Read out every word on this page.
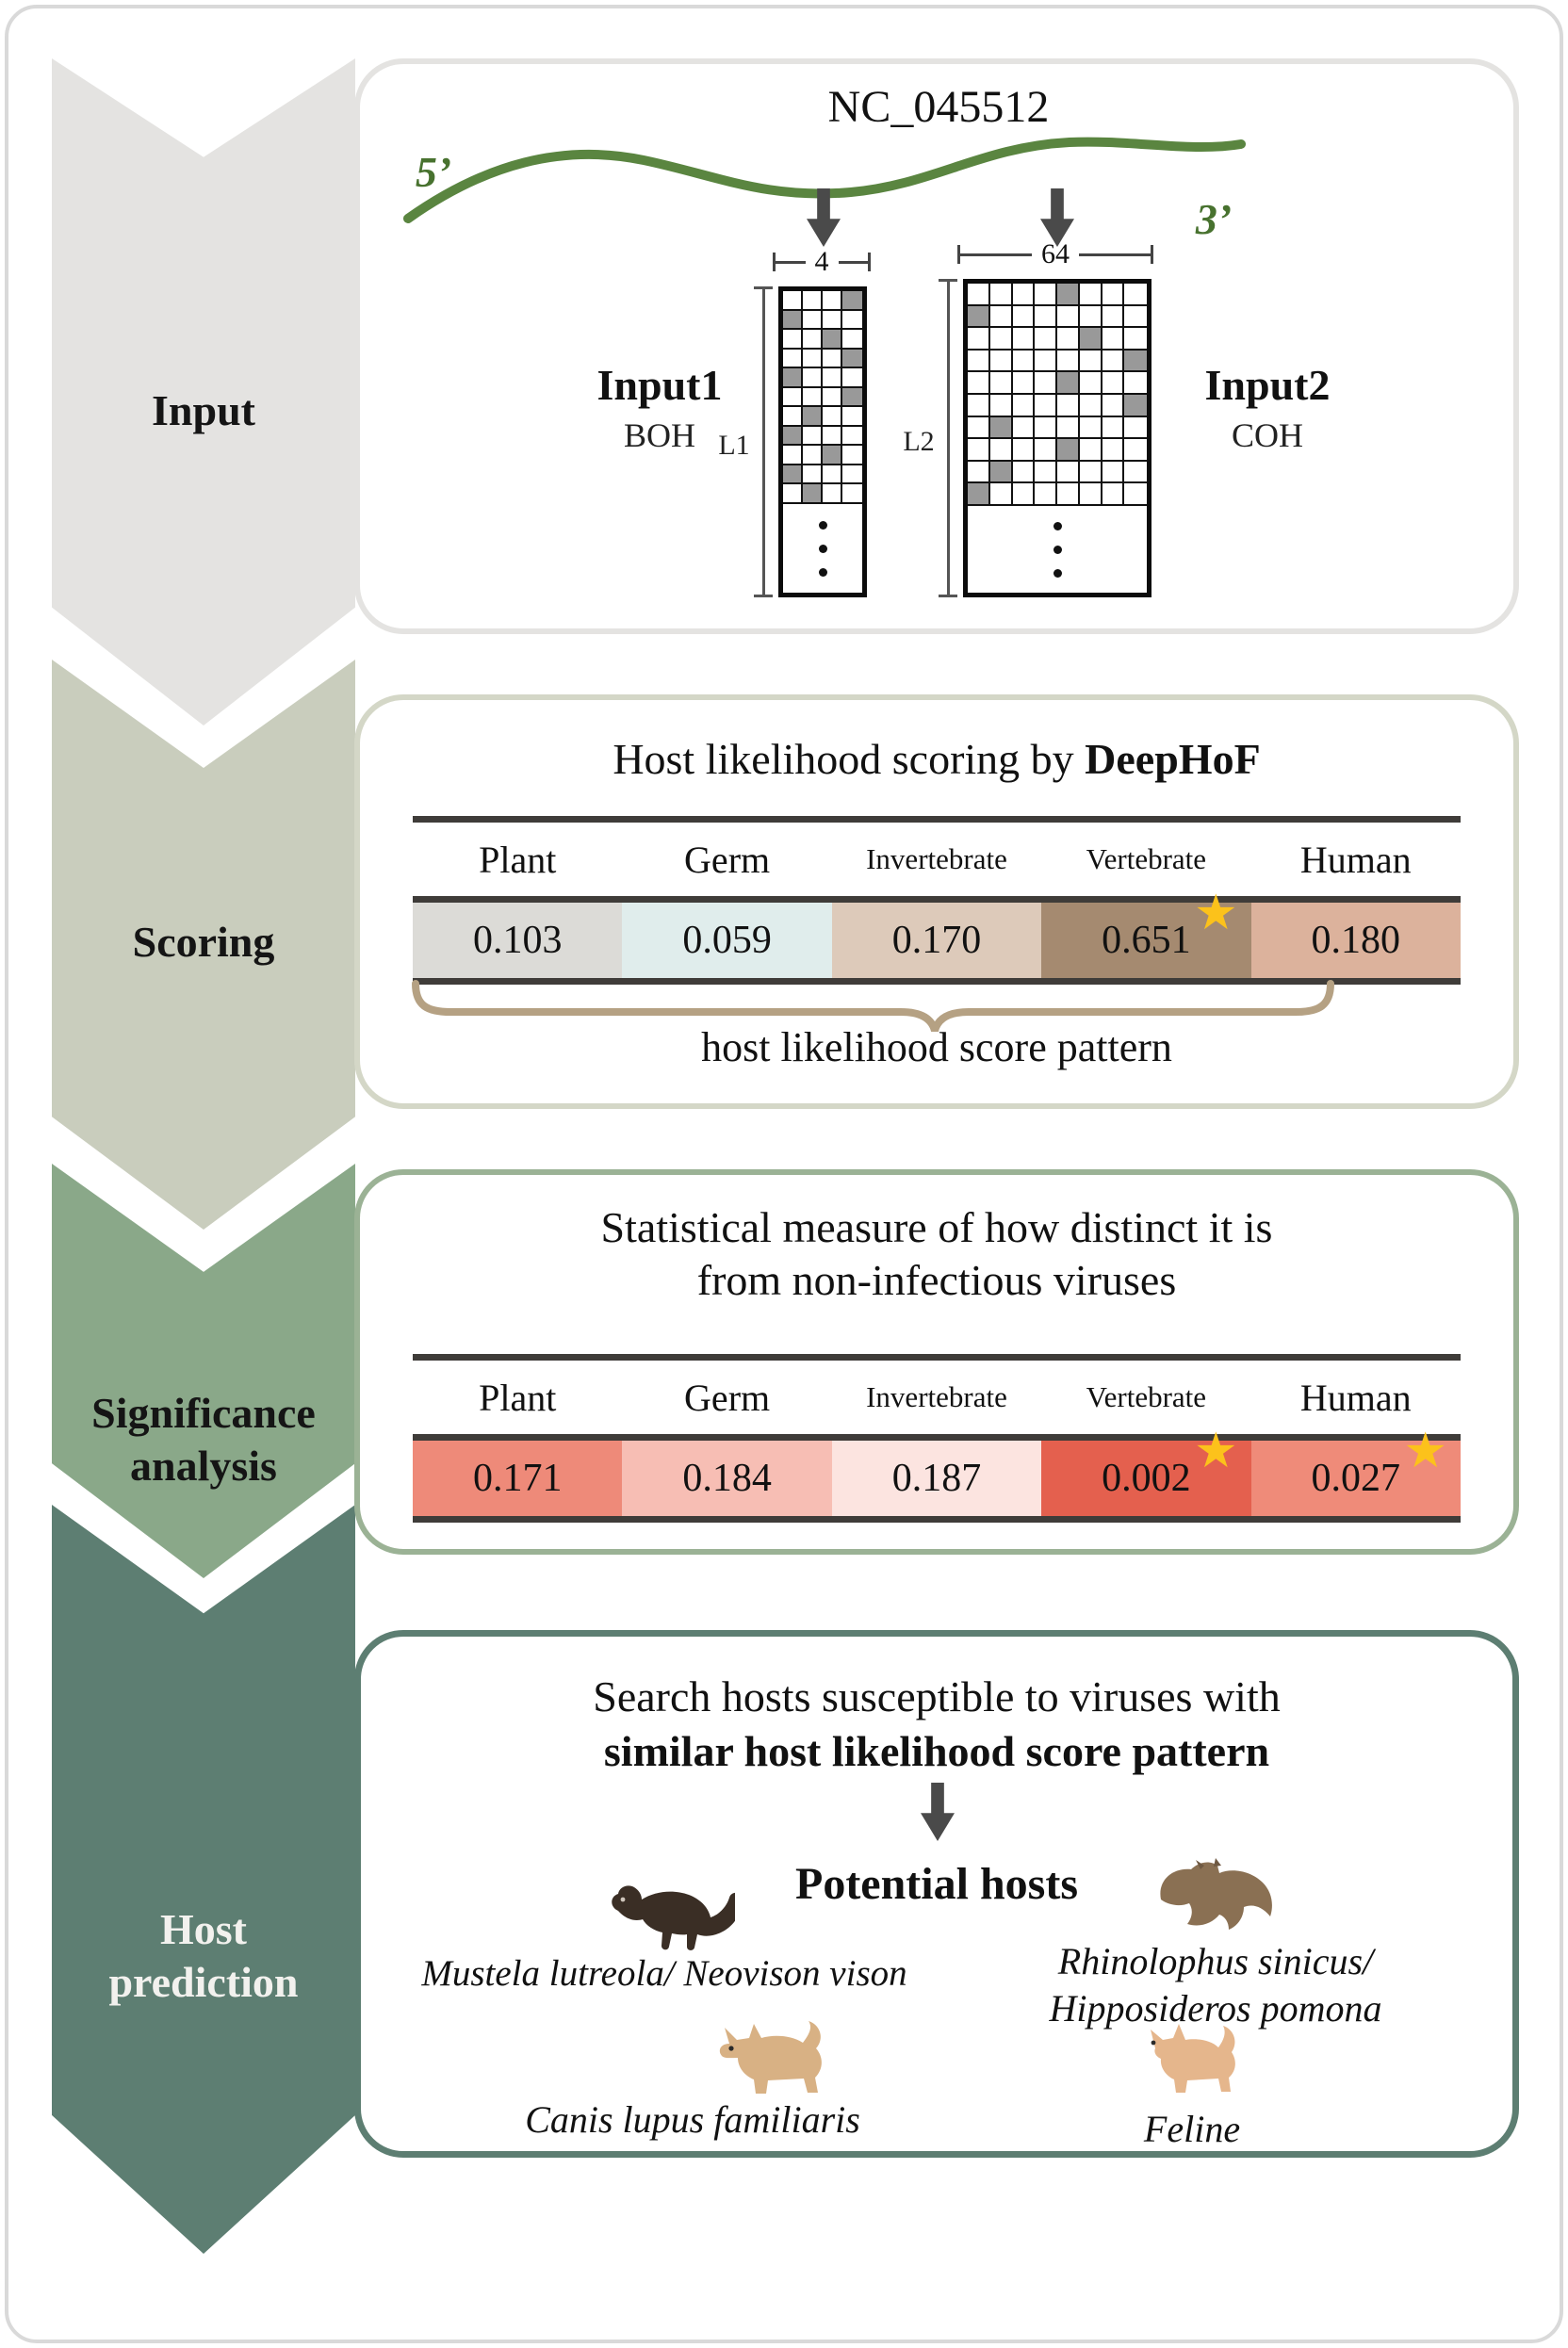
Input
Scoring
Significance
analysis
Host
prediction
NC_045512
5’
3’
4	64
L1	L2
Input1
BOH
Input2
COH
Host likelihood scoring by DeepHoF
Plant	Germ	Invertebrate	Vertebrate	Human
0.103	0.059	0.170	0.651 ★ 0.180
host likelihood score pattern
Statistical measure of how distinct it is
from non-infectious viruses
Plant	Germ	Invertebrate	Vertebrate	Human
0.171	0.184	0.187	0.002 ★ 0.027 ★
Search hosts susceptible to viruses with
similar host likelihood score pattern
Potential hosts
Mustela lutreola/ Neovison vison	Rhinolophus sinicus/
Hipposideros pomona
Canis lupus familiaris	Feline
